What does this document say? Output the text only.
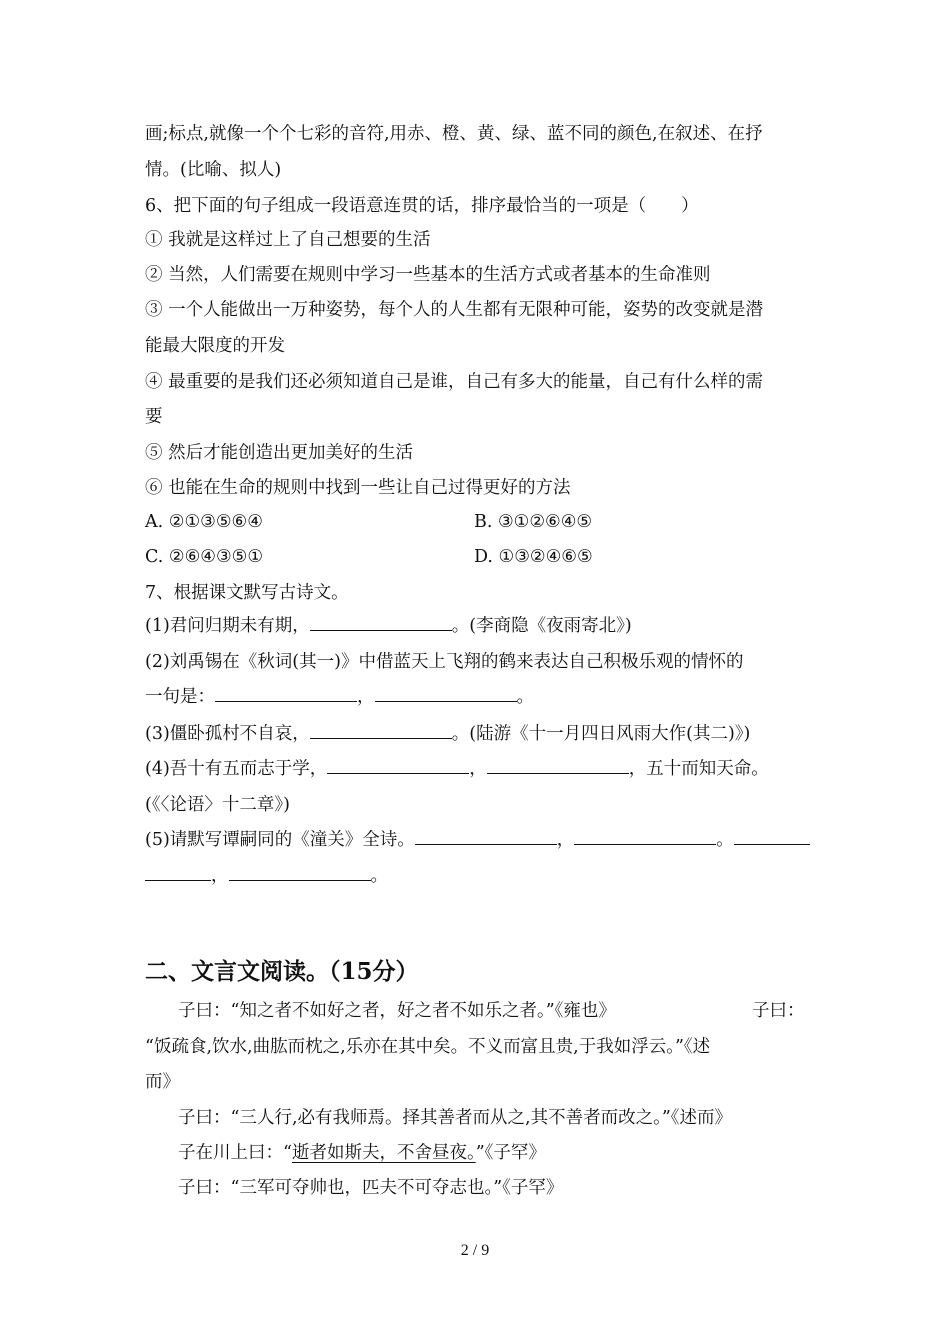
画;标点,就像一个个七彩的音符,用赤、橙、黄、绿、蓝不同的颜色,在叙述、在抒
情。(比喻、拟人)
6、把下面的句子组成一段语意连贯的话，排序最恰当的一项是（　　）
① 我就是这样过上了自己想要的生活
② 当然，人们需要在规则中学习一些基本的生活方式或者基本的生命准则
③ 一个人能做出一万种姿势，每个人的人生都有无限种可能，姿势的改变就是潜
能最大限度的开发
④ 最重要的是我们还必须知道自己是谁，自己有多大的能量，自己有什么样的需
要
⑤ 然后才能创造出更加美好的生活
⑥ 也能在生命的规则中找到一些让自己过得更好的方法
A. ②①③⑤⑥④	B. ③①②⑥④⑤
C. ②⑥④③⑤①	D. ①③②④⑥⑤
7、根据课文默写古诗文。
(1)君问归期未有期，	。(李商隐《夜雨寄北》)
(2)刘禹锡在《秋词(其一)》中借蓝天上飞翔的鹤来表达自己积极乐观的情怀的
一句是：	，	。
(3)僵卧孤村不自哀，	。(陆游《十一月四日风雨大作(其二)》)
(4)吾十有五而志于学，	，	，五十而知天命。
(《〈论语〉十二章》)
(5)请默写谭嗣同的《潼关》全诗。	，	。
，	。
二、文言文阅读。（15分）
子曰：“知之者不如好之者，好之者不如乐之者。”《雍也》	子曰：
“饭疏食,饮水,曲肱而枕之,乐亦在其中矣。不义而富且贵,于我如浮云。”《述
而》
子曰：“三人行,必有我师焉。择其善者而从之,其不善者而改之。”《述而》
子在川上曰：“逝者如斯夫，不舍昼夜。”《子罕》
子曰：“三军可夺帅也，匹夫不可夺志也。”《子罕》
2 / 9
